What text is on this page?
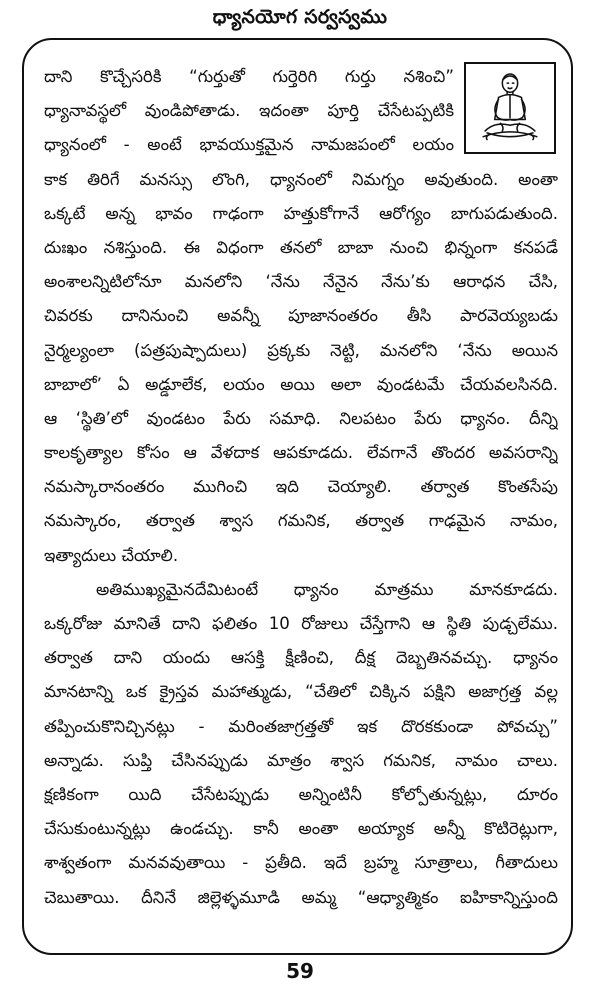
ధ్యానయోగ సర్వస్వము
దాని కొచ్చేసరికి “గుర్తుతో గుర్తెరిగి గుర్తు నశించి”
ధ్యానావస్థలో వుండిపోతాడు. ఇదంతా పూర్తి చేసేటప్పటికి
ధ్యానంలో - అంటే భావయుక్తమైన నామజపంలో లయం
కాక తిరిగే మనస్సు లొంగి, ధ్యానంలో నిమగ్నం అవుతుంది. అంతా
ఒక్కటే అన్న భావం గాఢంగా హత్తుకోగానే ఆరోగ్యం బాగుపడుతుంది.
దుఃఖం నశిస్తుంది. ఈ విధంగా తనలో బాబా నుంచి భిన్నంగా కనపడే
అంశాలన్నిటిలోనూ మనలోని ‘నేను నేనైన నేను’కు ఆరాధన చేసి,
చివరకు దానినుంచి అవన్నీ పూజానంతరం తీసి పారవెయ్యబడు
నైర్మల్యంలా (పత్రపుష్పాదులు) ప్రక్కకు నెట్టి, మనలోని ‘నేను అయిన
బాబాలో’ ఏ అడ్డూలేక, లయం అయి అలా వుండటమే చేయవలసినది.
ఆ ‘స్థితి’లో వుండటం పేరు సమాధి. నిలపటం పేరు ధ్యానం. దీన్ని
కాలకృత్యాల కోసం ఆ వేళదాక ఆపకూడదు. లేవగానే తొందర అవసరాన్ని
నమస్కారానంతరం ముగించి ఇది చెయ్యాలి. తర్వాత కొంతసేపు
నమస్కారం, తర్వాత శ్వాస గమనిక, తర్వాత గాఢమైన నామం,
ఇత్యాదులు చేయాలి.
అతిముఖ్యమైనదేమిటంటే ధ్యానం మాత్రము మానకూడదు.
ఒక్కరోజు మానితే దాని ఫలితం 10 రోజులు చేస్తేగాని ఆ స్థితి పుడ్చలేము.
తర్వాత దాని యందు ఆసక్తి క్షీణించి, దీక్ష దెబ్బతినవచ్చు. ధ్యానం
మానటాన్ని ఒక క్రైస్తవ మహాత్ముడు, “చేతిలో చిక్కిన పక్షిని అజాగ్రత్త వల్ల
తప్పించుకొనిచ్చినట్లు - మరింతజాగ్రత్తతో ఇక దొరకకుండా పోవచ్చు”
అన్నాడు. సుప్తి చేసినప్పుడు మాత్రం శ్వాస గమనిక, నామం చాలు.
క్షణికంగా యిది చేసేటప్పుడు అన్నింటినీ కోల్పోతున్నట్లు, దూరం
చేసుకుంటున్నట్లు ఉండచ్చు. కానీ అంతా అయ్యాక అన్నీ కొటిరెట్లుగా,
శాశ్వతంగా మనవవుతాయి - ప్రతీది. ఇదే బ్రహ్మ సూత్రాలు, గీతాదులు
చెబుతాయి. దీనినే జిల్లెళ్ళమూడి అమ్మ “ఆధ్యాత్మికం ఐహికాన్నిస్తుంది
59
